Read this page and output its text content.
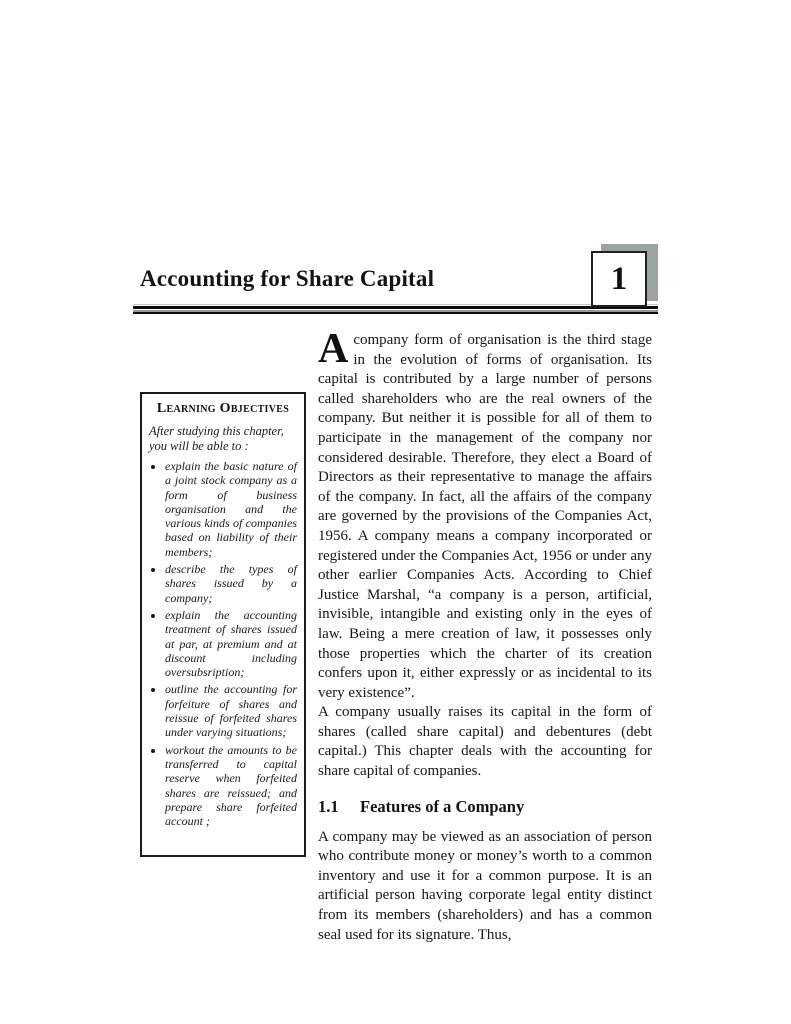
Accounting for Share Capital	1
Learning Objectives

After studying this chapter, you will be able to :

• explain the basic nature of a joint stock company as a form of business organisation and the various kinds of companies based on liability of their members;
• describe the types of shares issued by a company;
• explain the accounting treatment of shares issued at par, at premium and at discount including oversubsription;
• outline the accounting for forfeiture of shares and reissue of forfeited shares under varying situations;
• workout the amounts to be transferred to capital reserve when forfeited shares are reissued; and prepare share forfeited account ;

Acompany form of organisation is the third stage in the evolution of forms of organisation. Its capital is contributed by a large number of persons called shareholders who are the real owners of the company. But neither it is possible for all of them to participate in the management of the company nor considered desirable. Therefore, they elect a Board of Directors as their representative to manage the affairs of the company. In fact, all the affairs of the company are governed by the provisions of the Companies Act, 1956. A company means a company incorporated or registered under the Companies Act, 1956 or under any other earlier Companies Acts. According to Chief Justice Marshal, “a company is a person, artificial, invisible, intangible and existing only in the eyes of law. Being a mere creation of law, it possesses only those properties which the charter of its creation confers upon it, either expressly or as incidental to its very existence”.

A company usually raises its capital in the form of shares (called share capital) and debentures (debt capital.) This chapter deals with the accounting for share capital of companies.

1.1 Features of a Company

A company may be viewed as an association of person who contribute money or money’s worth to a common inventory and use it for a common purpose. It is an artificial person having corporate legal entity distinct from its members (shareholders) and has a common seal used for its signature. Thus,
